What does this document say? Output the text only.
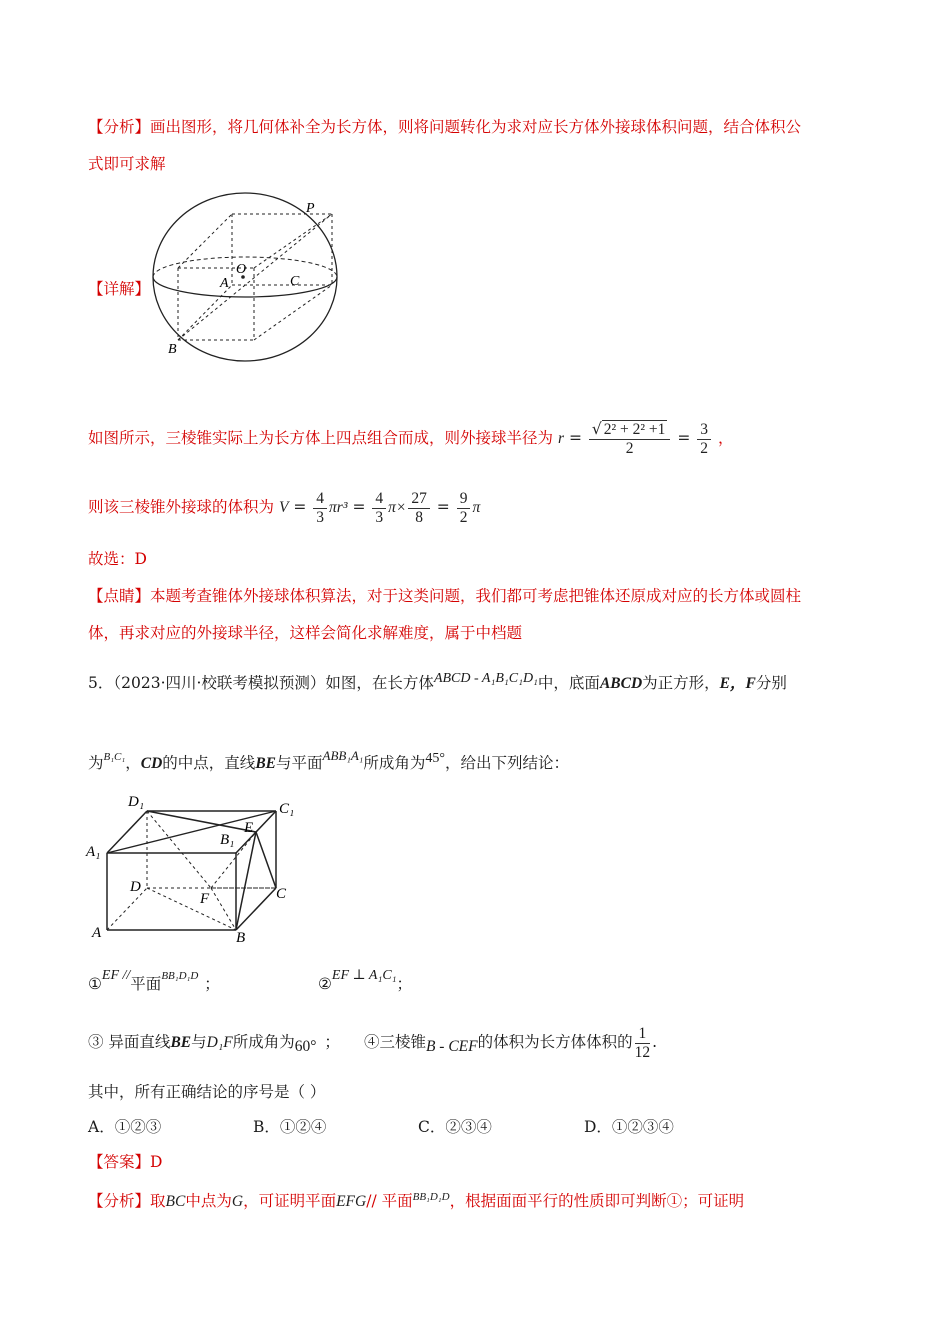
【分析】画出图形，将几何体补全为长方体，则将问题转化为求对应长方体外接球体积问题，结合体积公
式即可求解
【详解】
P
O
A	C
B
如图所示，三棱锥实际上为长方体上四点组合而成，则外接球半径为 $r = \frac{\text{√ 2² + 2² +1}}{2} = \frac{3}{2}$ ，
则该三棱锥外接球的体积为 $V = \frac{4}{3} \pi r^3 = \frac{4}{3} \pi\times \frac{27}{8} = \frac{9}{2}$ π
故选：D
【点睛】本题考查锥体外接球体积算法，对于这类问题，我们都可考虑把锥体还原成对应的长方体或圆柱
体，再求对应的外接球半径，这样会简化求解难度，属于中档题
5．（2023·四川·校联考模拟预测）如图，在长方体ABCD - A₁B₁C₁D₁中，底面ABCD为正方形，E，F分别
为$^{B_1C_1}$，CD的中点，直线BE与平面$^{ABB_1A_1}$所成角为45°，给出下列结论：
D₁	C₁
A₁
B₁
E
D
F	C
A	B
①EF //平面$^{BB_1D_1D}$ ；	②EF ⊥ A₁C₁；
③ 异面直线BE与D₁F所成角为60° ； ④三棱锥B - CEF的体积为长方体体积的 $\frac{1}{12}$ .
其中，所有正确结论的序号是（ ）
A．①②③	B．①②④	C．②③④	D．①②③④
【答案】D
【分析】取BC中点为G，可证明平面EFG// 平面$^{BB_1D_1D}$，根据面面平行的性质即可判断①；可证明
